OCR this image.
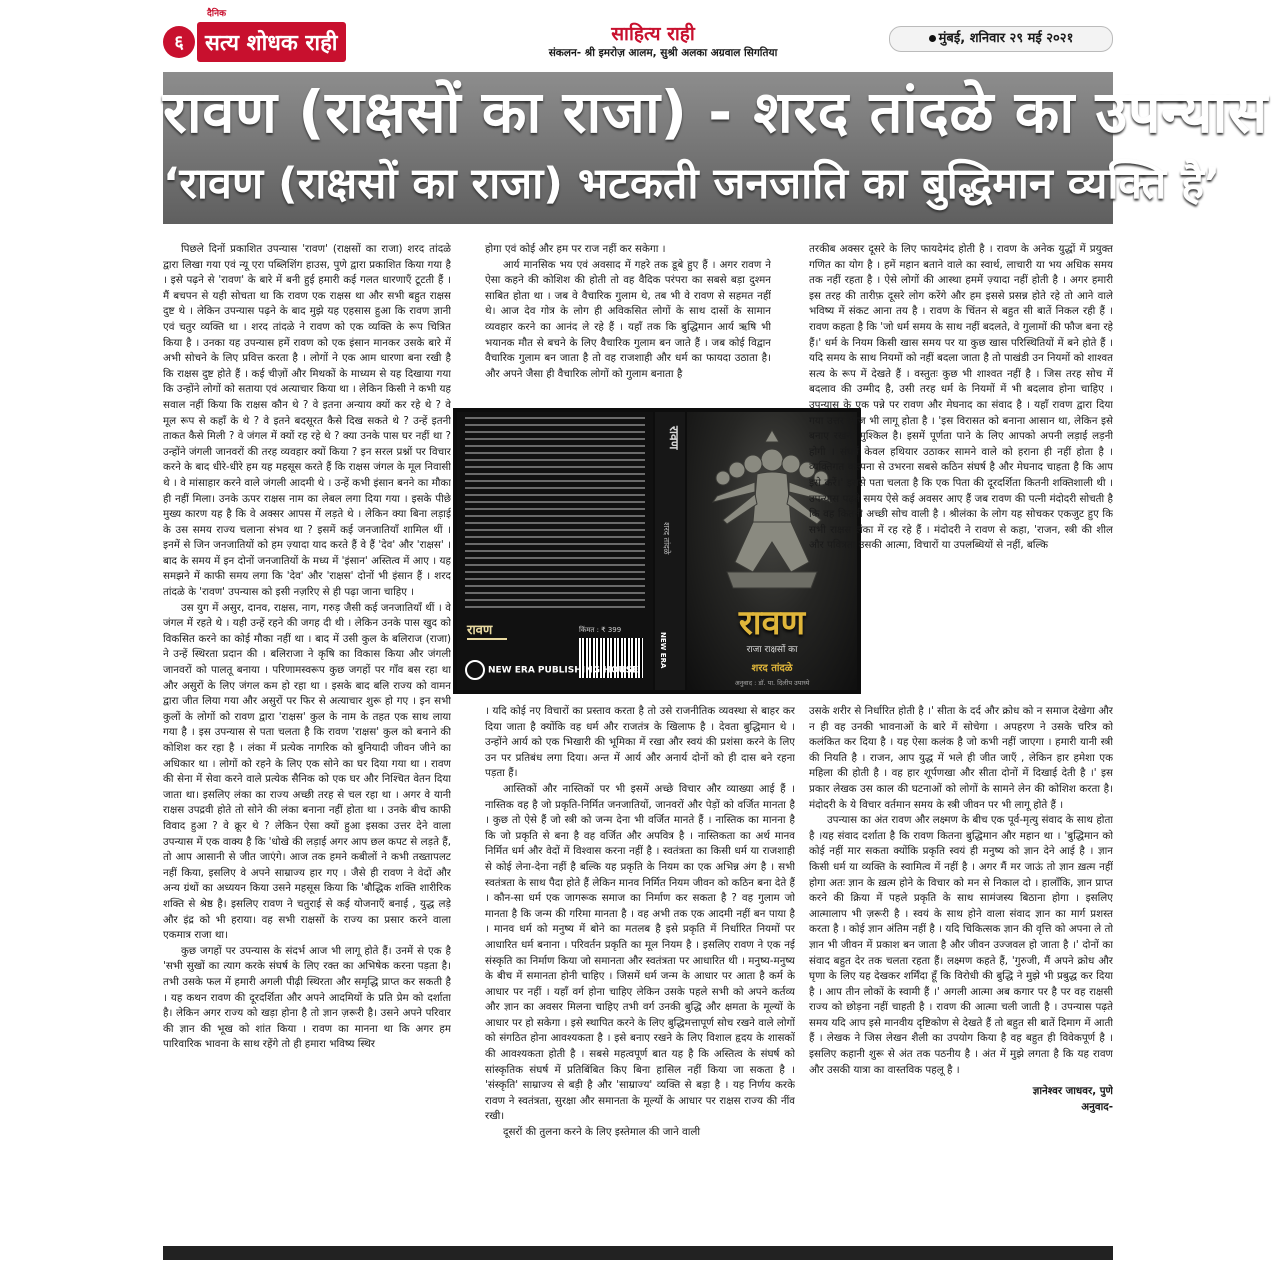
६
दैनिक
सत्य शोधक राही	साहित्य राही
संकलन- श्री इमरोज़ आलम, सुश्री अलका अग्रवाल सिगतिया
मुंबई, शनिवार २९ मई २०२१
रावण (राक्षसों का राजा) - शरद तांदळे का उपन्यास
‘रावण (राक्षसों का राजा) भटकती जनजाति का बुद्धिमान व्यक्ति है’

पिछले दिनों प्रकाशित उपन्यास 'रावण' (राक्षसों का राजा) शरद तांदळे द्वारा लिखा गया एवं न्यू एरा पब्लिशिंग हाउस, पुणे द्वारा प्रकाशित किया गया है । इसे पढ़ने से 'रावण' के बारे में बनी हुई हमारी कई गलत धारणाएँ टूटती हैं । मैं बचपन से यही सोचता था कि रावण एक राक्षस था और सभी बहुत राक्षस दुष्ट थे । लेकिन उपन्यास पढ़ने के बाद मुझे यह एहसास हुआ कि रावण ज्ञानी एवं चतुर व्यक्ति था । शरद तांदळे ने रावण को एक व्यक्ति के रूप चित्रित किया है । उनका यह उपन्यास हमें रावण को एक इंसान मानकर उसके बारे में अभी सोचने के लिए प्रवित्त करता है । लोगों ने एक आम धारणा बना रखी है कि राक्षस दुष्ट होते हैं । कई चीज़ों और मिथकों के माध्यम से यह दिखाया गया कि उन्होंने लोगों को सताया एवं अत्याचार किया था । लेकिन किसी ने कभी यह सवाल नहीं किया कि राक्षस कौन थे ? वे इतना अन्याय क्यों कर रहे थे ? वे मूल रूप से कहाँ के थे ? वे इतने बदसूरत कैसे दिख सकते थे ? उन्हें इतनी ताकत कैसे मिली ? वे जंगल में क्यों रह रहे थे ? क्या उनके पास घर नहीं था ? उन्होंने जंगली जानवरों की तरह व्यवहार क्यों किया ? इन सरल प्रश्नों पर विचार करने के बाद धीरे-धीरे हम यह महसूस करते हैं कि राक्षस जंगल के मूल निवासी थे । वे मांसाहार करने वाले जंगली आदमी थे । उन्हें कभी इंसान बनने का मौका ही नहीं मिला। उनके ऊपर राक्षस नाम का लेबल लगा दिया गया । इसके पीछे मुख्य कारण यह है कि वे अक्सर आपस में लड़ते थे । लेकिन क्या बिना लड़ाई के उस समय राज्य चलाना संभव था ? इसमें कई जनजातियाँ शामिल थीं । इनमें से जिन जनजातियों को हम ज़्यादा याद करते हैं वे हैं 'देव' और 'राक्षस' । बाद के समय में इन दोनों जनजातियों के मध्य में 'इंसान' अस्तित्व में आए । यह समझने में काफी समय लगा कि 'देव' और 'राक्षस' दोनों भी इंसान हैं । शरद तांदळे के 'रावण' उपन्यास को इसी नज़रिए से ही पढ़ा जाना चाहिए ।

उस युग में असुर, दानव, राक्षस, नाग, गरुड़ जैसी कई जनजातियाँ थीं । वे जंगल में रहते थे । यही उन्हें रहने की जगह दी थी । लेकिन उनके पास खुद को विकसित करने का कोई मौका नहीं था । बाद में उसी कुल के बलिराज (राजा) ने उन्हें स्थिरता प्रदान की । बलिराजा ने कृषि का विकास किया और जंगली जानवरों को पालतू बनाया । परिणामस्वरूप कुछ जगहों पर गाँव बस रहा था और असुरों के लिए जंगल कम हो रहा था । इसके बाद बलि राज्य को वामन द्वारा जीत लिया गया और असुरों पर फिर से अत्याचार शुरू हो गए । इन सभी कुलों के लोगों को रावण द्वारा 'राक्षस' कुल के नाम के तहत एक साथ लाया गया है । इस उपन्यास से पता चलता है कि रावण 'राक्षस' कुल को बनाने की कोशिश कर रहा है । लंका में प्रत्येक नागरिक को बुनियादी जीवन जीने का अधिकार था । लोगों को रहने के लिए एक सोने का घर दिया गया था । रावण की सेना में सेवा करने वाले प्रत्येक सैनिक को एक घर और निश्चित वेतन दिया जाता था। इसलिए लंका का राज्य अच्छी तरह से चल रहा था । अगर वे यानी राक्षस उपद्रवी होते तो सोने की लंका बनाना नहीं होता था । उनके बीच काफी विवाद हुआ ? वे क्रूर थे ? लेकिन ऐसा क्यों हुआ इसका उत्तर देने वाला उपन्यास में एक वाक्य है कि 'धोखे की लड़ाई अगर आप छल कपट से लड़ते हैं, तो आप आसानी से जीत जाएंगे। आज तक हमने कबीलों ने कभी तख्तापलट नहीं किया, इसलिए वे अपने साम्राज्य हार गए । जैसे ही रावण ने वेदों और अन्य ग्रंथों का अध्ययन किया उसने महसूस किया कि 'बौद्धिक शक्ति शारीरिक शक्ति से श्रेष्ठ है। इसलिए रावण ने चतुराई से कई योजनाएँ बनाई , युद्ध लड़े और इंद्र को भी हराया। वह सभी राक्षसों के राज्य का प्रसार करने वाला एकमात्र राजा था।

कुछ जगहों पर उपन्यास के संदर्भ आज भी लागू होते हैं। उनमें से एक है 'सभी सुखों का त्याग करके संघर्ष के लिए रक्त का अभिषेक करना पड़ता है। तभी उसके फल में हमारी अगली पीढ़ी स्थिरता और समृद्धि प्राप्त कर सकती है । यह कथन रावण की दूरदर्शिता और अपने आदमियों के प्रति प्रेम को दर्शाता है। लेकिन अगर राज्य को खड़ा होना है तो ज्ञान ज़रूरी है। उसने अपने परिवार की ज्ञान की भूख को शांत किया । रावण का मानना था कि अगर हम पारिवारिक भावना के साथ रहेंगे तो ही हमारा भविष्य स्थिर

होगा एवं कोई और हम पर राज नहीं कर सकेगा ।

आर्य मानसिक भय एवं अवसाद में गहरे तक डूबे हुए हैं । अगर रावण ने ऐसा कहने की कोशिश की होती तो वह वैदिक परंपरा का सबसे बड़ा दुश्मन साबित होता था । जब वे वैचारिक गुलाम थे, तब भी वे रावण से सहमत नहीं थे। आज देव गोत्र के लोग ही अविकसित लोगों के साथ दासों के सामान व्यवहार करने का आनंद ले रहे हैं । यहाँ तक कि बुद्धिमान आर्य ऋषि भी भयानक मौत से बचने के लिए वैचारिक गुलाम बन जाते हैं । जब कोई विद्वान वैचारिक गुलाम बन जाता है तो वह राजशाही और धर्म का फायदा उठाता है। और अपने जैसा ही वैचारिक लोगों को गुलाम बनाता है

रावण	किंमत : ₹ 399
NEW ERA PUBLISHING HOUSE
रावण
शरद तांदळे
NEW ERA
रावण
राजा राक्षसों का
शरद तांदळे
अनुवाद : डॉ. पा. दिलीप उपाध्ये

। यदि कोई नए विचारों का प्रस्ताव करता है तो उसे राजनीतिक व्यवस्था से बाहर कर दिया जाता है क्योंकि वह धर्म और राजतंत्र के खिलाफ है । देवता बुद्धिमान थे । उन्होंने आर्य को एक भिखारी की भूमिका में रखा और स्वयं की प्रशंसा करने के लिए उन पर प्रतिबंध लगा दिया। अन्त में आर्य और अनार्य दोनों को ही दास बने रहना पड़ता हैं।

आस्तिकों और नास्तिकों पर भी इसमें अच्छे विचार और व्याख्या आई हैं । नास्तिक वह है जो प्रकृति-निर्मित जनजातियों, जानवरों और पेड़ों को वर्जित मानता है । कुछ तो ऐसे हैं जो स्त्री को जन्म देना भी वर्जित मानते हैं । नास्तिक का मानना है कि जो प्रकृति से बना है वह वर्जित और अपवित्र है । नास्तिकता का अर्थ मानव निर्मित धर्म और वेदों में विश्वास करना नहीं है । स्वतंत्रता का किसी धर्म या राजशाही से कोई लेना-देना नहीं है बल्कि यह प्रकृति के नियम का एक अभिन्न अंग है । सभी स्वतंत्रता के साथ पैदा होते हैं लेकिन मानव निर्मित नियम जीवन को कठिन बना देते हैं । कौन-सा धर्म एक जागरूक समाज का निर्माण कर सकता है ? वह गुलाम जो मानता है कि जन्म की गरिमा मानता है । वह अभी तक एक आदमी नहीं बन पाया है । मानव धर्म को मनुष्य में बोने का मतलब है इसे प्रकृति में निर्धारित नियमों पर आधारित धर्म बनाना । परिवर्तन प्रकृति का मूल नियम है । इसलिए रावण ने एक नई संस्कृति का निर्माण किया जो समानता और स्वतंत्रता पर आधारित थी । मनुष्य-मनुष्य के बीच में समानता होनी चाहिए । जिसमें धर्म जन्म के आधार पर आता है कर्म के आधार पर नहीं । यहाँ वर्ग होना चाहिए लेकिन उसके पहले सभी को अपने कर्तव्य और ज्ञान का अवसर मिलना चाहिए तभी वर्ग उनकी बुद्धि और क्षमता के मूल्यों के आधार पर हो सकेगा । इसे स्थापित करने के लिए बुद्धिमत्तापूर्ण सोच रखने वाले लोगों को संगठित होना आवश्यकता है । इसे बनाए रखने के लिए विशाल हृदय के शासकों की आवश्यकता होती है । सबसे महत्वपूर्ण बात यह है कि अस्तित्व के संघर्ष को सांस्कृतिक संघर्ष में प्रतिबिंबित किए बिना हासिल नहीं किया जा सकता है । 'संस्कृति' साम्राज्य से बड़ी है और 'साम्राज्य' व्यक्ति से बड़ा है । यह निर्णय करके रावण ने स्वतंत्रता, सुरक्षा और समानता के मूल्यों के आधार पर राक्षस राज्य की नींव रखी।

दूसरों की तुलना करने के लिए इस्तेमाल की जाने वाली

तरकीब अक्सर दूसरे के लिए फायदेमंद होती है । रावण के अनेक युद्धों में प्रयुक्त गणित का योग है । हमें महान बताने वाले का स्वार्थ, लाचारी या भय अधिक समय तक नहीं रहता है । ऐसे लोगों की आस्था हममें ज़्यादा नहीं होती है । अगर हमारी इस तरह की तारीफ़ दूसरे लोग करेंगे और हम इससे प्रसन्न होते रहे तो आने वाले भविष्य में संकट आना तय है । रावण के चिंतन से बहुत सी बातें निकल रही हैं । रावण कहता है कि 'जो धर्म समय के साथ नहीं बदलते, वे गुलामों की फौज बना रहे हैं।' धर्म के नियम किसी खास समय पर या कुछ खास परिस्थितियों में बने होते हैं । यदि समय के साथ नियमों को नहीं बदला जाता है तो पाखंडी उन नियमों को शाश्वत सत्य के रूप में देखते हैं । वस्तुतः कुछ भी शाश्वत नहीं है । जिस तरह सोच में बदलाव की उम्मीद है, उसी तरह धर्म के नियमों में भी बदलाव होना चाहिए । उपन्यास के एक पन्ने पर रावण और मेघनाद का संवाद है । यहाँ रावण द्वारा दिया गया उत्तर आज भी लागू होता है । 'इस विरासत को बनाना आसान था, लेकिन इसे बनाए रखना मुश्किल है। इसमें पूर्णता पाने के लिए आपको अपनी लड़ाई लड़नी होगी । संघर्ष केवल हथियार उठाकर सामने वाले को हराना ही नहीं होता है । व्यक्तिगत कल्पना से उभरना सबसे कठिन संघर्ष है और मेघनाद चाहता है कि आप इसे करें।' इससे पता चलता है कि एक पिता की दूरदर्शिता कितनी शक्तिशाली थी । उपन्यास पढ़ते समय ऐसे कई अवसर आए हैं जब रावण की पत्नी मंदोदरी सोचती है कि वह कितनी अच्छी सोच वाली है । श्रीलंका के लोग यह सोचकर एकजुट हुए कि सभी राक्षस लंका में रह रहे हैं । मंदोदरी ने रावण से कहा, 'राजन, स्त्री की शील और पवित्रता उसकी आत्मा, विचारों या उपलब्धियों से नहीं, बल्कि

उसके शरीर से निर्धारित होती है ।' सीता के दर्द और क्रोध को न समाज देखेगा और न ही वह उनकी भावनाओं के बारे में सोचेगा । अपहरण ने उसके चरित्र को कलंकित कर दिया है । यह ऐसा कलंक है जो कभी नहीं जाएगा । हमारी यानी स्त्री की नियति है । राजन, आप युद्ध में भले ही जीत जाएँ , लेकिन हार हमेशा एक महिला की होती है । वह हार शूर्पणखा और सीता दोनों में दिखाई देती है ।' इस प्रकार लेखक उस काल की घटनाओं को लोगों के सामने लेन की कोशिश करता है। मंदोदरी के ये विचार वर्तमान समय के स्त्री जीवन पर भी लागू होते हैं ।

उपन्यास का अंत रावण और लक्ष्मण के बीच एक पूर्व-मृत्यु संवाद के साथ होता है ।यह संवाद दर्शाता है कि रावण कितना बुद्धिमान और महान था । 'बुद्धिमान को कोई नहीं मार सकता क्योंकि प्रकृति स्वयं ही मनुष्य को ज्ञान देने आई है । ज्ञान किसी धर्म या व्यक्ति के स्वामित्व में नहीं है । अगर मैं मर जाऊं तो ज्ञान ख़त्म नहीं होगा अतः ज्ञान के ख़त्म होने के विचार को मन से निकाल दो । हालाँकि, ज्ञान प्राप्त करने की क्रिया में पहले प्रकृति के साथ सामंजस्य बिठाना होगा । इसलिए आत्मालाप भी ज़रूरी है । स्वयं के साथ होने वाला संवाद ज्ञान का मार्ग प्रशस्त करता है । कोई ज्ञान अंतिम नहीं है । यदि चिकित्सक ज्ञान की वृत्ति को अपना ले तो ज्ञान भी जीवन में प्रकाश बन जाता है और जीवन उज्जवल हो जाता है ।' दोनों का संवाद बहुत देर तक चलता रहता हैं। लक्ष्मण कहते हैं, 'गुरुजी, मैं अपने क्रोध और घृणा के लिए यह देखकर शर्मिंदा हूँ कि विरोधी की बुद्धि ने मुझे भी प्रबुद्ध कर दिया है । आप तीन लोकों के स्वामी हैं ।' अगली आत्मा अब कगार पर है पर वह राक्षसी राज्य को छोड़ना नहीं चाहती है । रावण की आत्मा चली जाती है । उपन्यास पढ़ते समय यदि आप इसे मानवीय दृष्टिकोण से देखते हैं तो बहुत सी बातें दिमाग में आती हैं । लेखक ने जिस लेखन शैली का उपयोग किया है वह बहुत ही विवेकपूर्ण है । इसलिए कहानी शुरू से अंत तक पठनीय है । अंत में मुझे लगता है कि यह रावण और उसकी यात्रा का वास्तविक पहलू है ।

ज्ञानेश्वर जाधवर, पुणे

अनुवाद-
